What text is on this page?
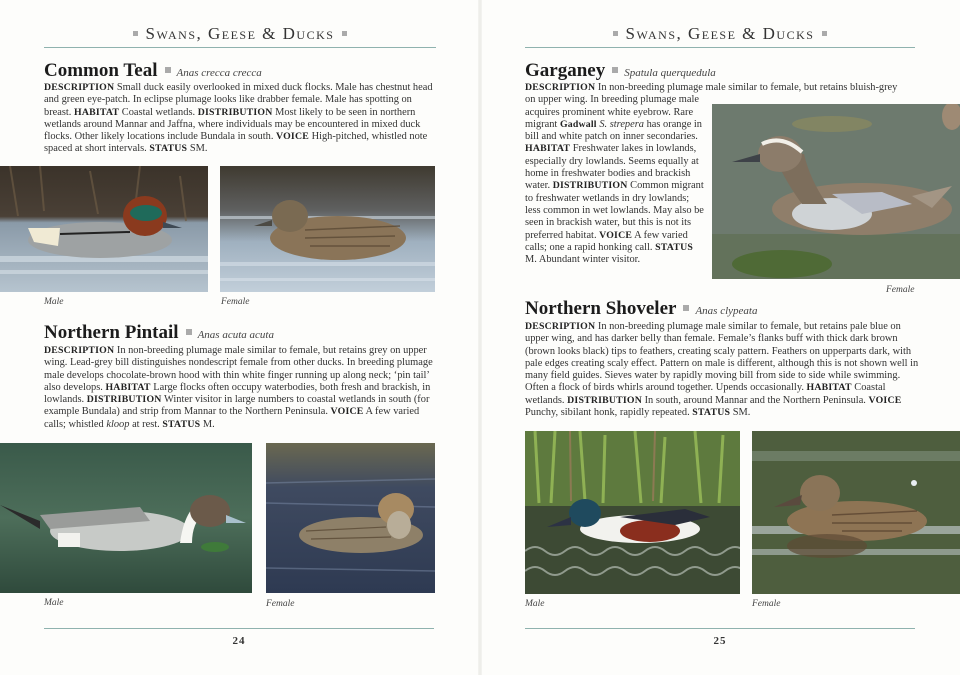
Swans, Geese & Ducks
Common Teal Anas crecca crecca
DESCRIPTION Small duck easily overlooked in mixed duck flocks. Male has chestnut head and green eye-patch. In eclipse plumage looks like drabber female. Male has spotting on breast. HABITAT Coastal wetlands. DISTRIBUTION Most likely to be seen in northern wetlands around Mannar and Jaffna, where individuals may be encountered in mixed duck flocks. Other likely locations include Bundala in south. VOICE High-pitched, whistled note spaced at short intervals. STATUS SM.
Male	Female
Northern Pintail Anas acuta acuta
DESCRIPTION In non-breeding plumage male similar to female, but retains grey on upper wing. Lead-grey bill distinguishes nondescript female from other ducks. In breeding plumage male develops chocolate-brown hood with thin white finger running up along neck; ‘pin tail’ also develops. HABITAT Large flocks often occupy waterbodies, both fresh and brackish, in lowlands. DISTRIBUTION Winter visitor in large numbers to coastal wetlands in south (for example Bundala) and strip from Mannar to the Northern Peninsula. VOICE A few varied calls; whistled kloop at rest. STATUS M.
Male	Female
24
Swans, Geese & Ducks
Garganey Spatula querquedula
DESCRIPTION In non-breeding plumage male similar to female, but retains bluish-grey
on upper wing. In breeding plumage male acquires prominent white eyebrow. Rare migrant Gadwall S. strepera has orange in bill and white patch on inner secondaries. HABITAT Freshwater lakes in lowlands, especially dry lowlands. Seems equally at home in freshwater bodies and brackish water. DISTRIBUTION Common migrant to freshwater wetlands in dry lowlands; less common in wet lowlands. May also be seen in brackish water, but this is not its preferred habitat. VOICE A few varied calls; one a rapid honking call. STATUS M. Abundant winter visitor.
Female
Northern Shoveler Anas clypeata
DESCRIPTION In non-breeding plumage male similar to female, but retains pale blue on upper wing, and has darker belly than female. Female’s flanks buff with thick dark brown (brown looks black) tips to feathers, creating scaly pattern. Feathers on upperparts dark, with pale edges creating scaly effect. Pattern on male is different, although this is not shown well in many field guides. Sieves water by rapidly moving bill from side to side while swimming. Often a flock of birds whirls around together. Upends occasionally. HABITAT Coastal wetlands. DISTRIBUTION In south, around Mannar and the Northern Peninsula. VOICE Punchy, sibilant honk, rapidly repeated. STATUS SM.
Male	Female
25
